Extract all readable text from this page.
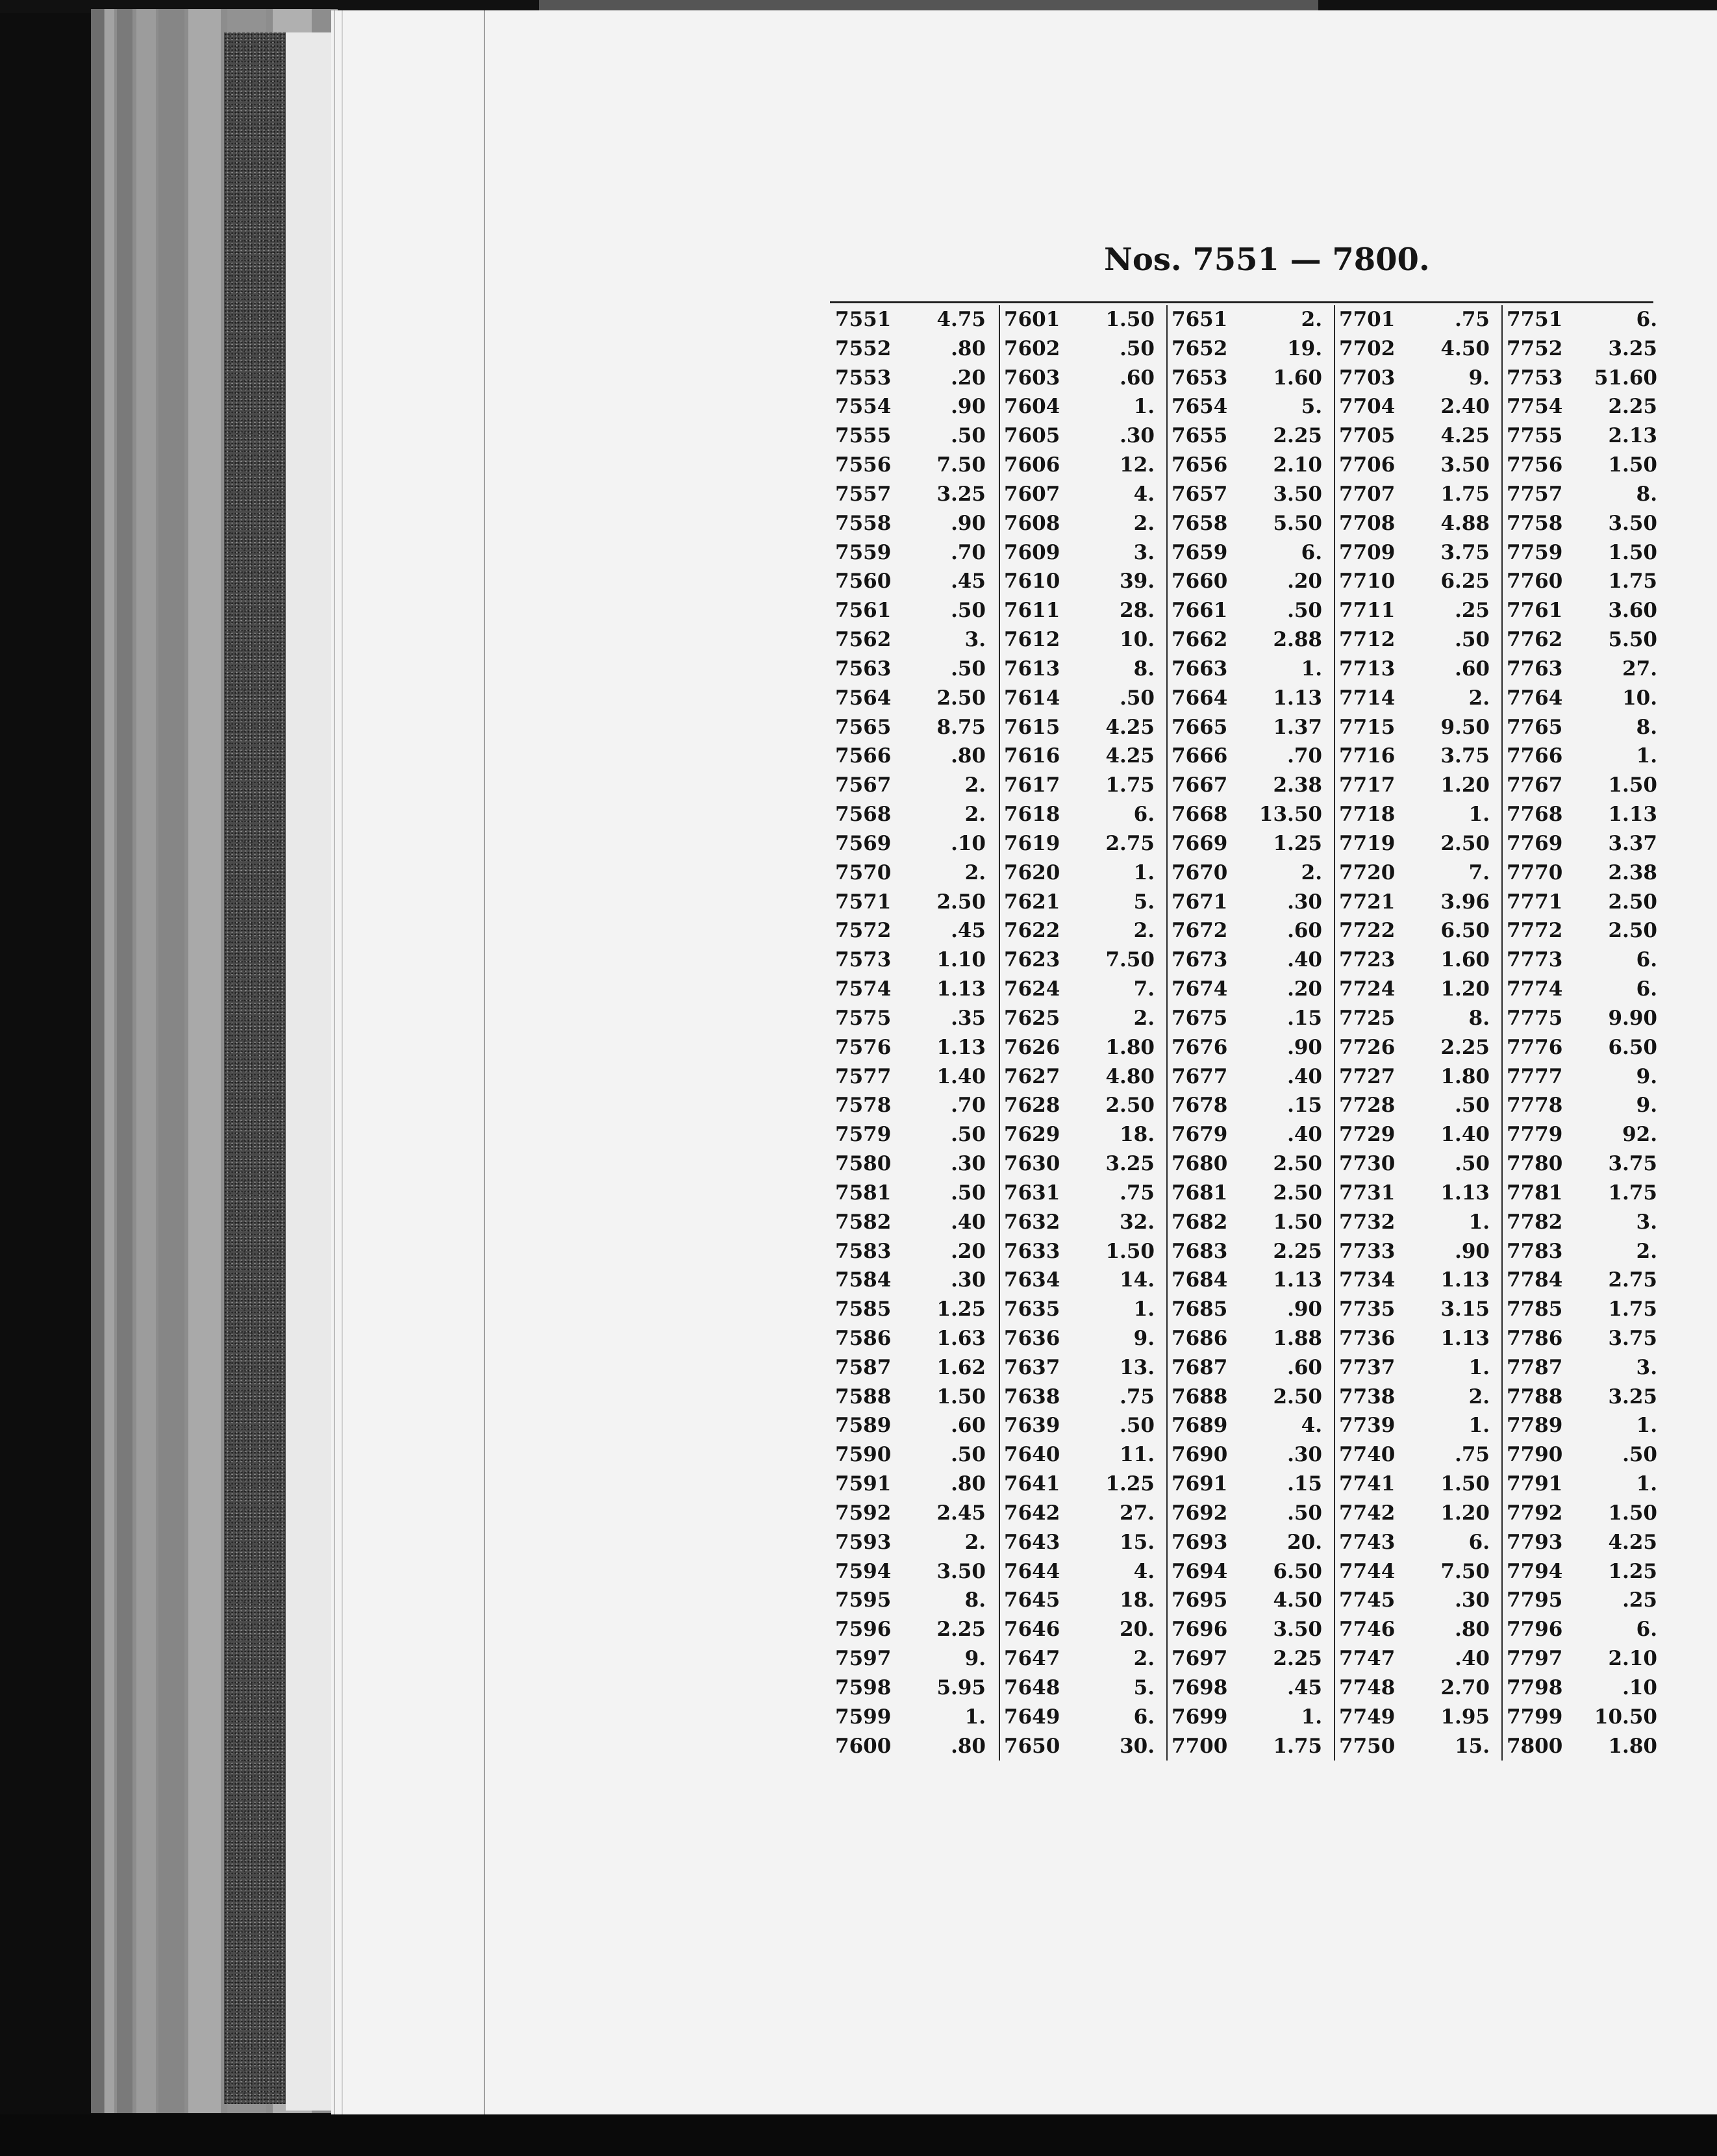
Nos. 7551 — 7800.
7551 4.75
7552	.80
7553	.20
7554	.90
7555	.50
7556 7.50
7557 3.25
7558	.90
7559	.70
7560	.45
7561	.50
7562	3.
7563	.50
7564 2.50
7565 8.75
7566	.80
7567	2.
7568	2.
7569	.10
7570	2.
7571 2.50
7572	.45
7573 1.10
7574 1.13
7575	.35
7576 1.13
7577 1.40
7578	.70
7579	.50
7580	.30
7581	.50
7582	.40
7583	.20
7584	.30
7585 1.25
7586 1.63
7587 1.62
7588 1.50
7589	.60
7590	.50
7591	.80
7592 2.45
7593	2.
7594 3.50
7595	8.
7596 2.25
7597	9.
7598 5.95
7599	1.
7600	.80
7601 1.50
7602	.50
7603	.60
7604	1.
7605	.30
7606	12.
7607	4.
7608	2.
7609	3.
7610	39.
7611	28.
7612	10.
7613	8.
7614	.50
7615 4.25
7616 4.25
7617 1.75
7618	6.
7619 2.75
7620	1.
7621	5.
7622	2.
7623 7.50
7624	7.
7625	2.
7626 1.80
7627 4.80
7628 2.50
7629	18.
7630 3.25
7631	.75
7632	32.
7633 1.50
7634	14.
7635	1.
7636	9.
7637	13.
7638	.75
7639	.50
7640	11.
7641 1.25
7642	27.
7643	15.
7644	4.
7645	18.
7646	20.
7647	2.
7648	5.
7649	6.
7650	30.
7651	2.
7652	19.
7653 1.60
7654	5.
7655 2.25
7656 2.10
7657 3.50
7658 5.50
7659	6.
7660	.20
7661	.50
7662 2.88
7663	1.
7664 1.13
7665 1.37
7666	.70
7667 2.38
7668 13.50
7669 1.25
7670	2.
7671	.30
7672	.60
7673	.40
7674	.20
7675	.15
7676	.90
7677	.40
7678	.15
7679	.40
7680 2.50
7681 2.50
7682 1.50
7683 2.25
7684 1.13
7685	.90
7686 1.88
7687	.60
7688 2.50
7689	4.
7690	.30
7691	.15
7692	.50
7693	20.
7694 6.50
7695 4.50
7696 3.50
7697 2.25
7698	.45
7699	1.
7700 1.75
7701	.75
7702 4.50
7703	9.
7704 2.40
7705 4.25
7706 3.50
7707 1.75
7708 4.88
7709 3.75
7710 6.25
7711	.25
7712	.50
7713	.60
7714	2.
7715 9.50
7716 3.75
7717 1.20
7718	1.
7719 2.50
7720	7.
7721 3.96
7722 6.50
7723 1.60
7724 1.20
7725	8.
7726 2.25
7727 1.80
7728	.50
7729 1.40
7730	.50
7731 1.13
7732	1.
7733	.90
7734 1.13
7735 3.15
7736 1.13
7737	1.
7738	2.
7739	1.
7740	.75
7741 1.50
7742 1.20
7743	6.
7744 7.50
7745	.30
7746	.80
7747	.40
7748 2.70
7749 1.95
7750	15.
7751	6.
7752 3.25
7753 51.60
7754 2.25
7755 2.13
7756 1.50
7757	8.
7758 3.50
7759 1.50
7760 1.75
7761 3.60
7762 5.50
7763	27.
7764	10.
7765	8.
7766	1.
7767 1.50
7768 1.13
7769 3.37
7770 2.38
7771 2.50
7772 2.50
7773	6.
7774	6.
7775 9.90
7776 6.50
7777	9.
7778	9.
7779	92.
7780 3.75
7781 1.75
7782	3.
7783	2.
7784 2.75
7785 1.75
7786 3.75
7787	3.
7788 3.25
7789	1.
7790	.50
7791	1.
7792 1.50
7793 4.25
7794 1.25
7795	.25
7796	6.
7797 2.10
7798	.10
7799 10.50
7800 1.80
